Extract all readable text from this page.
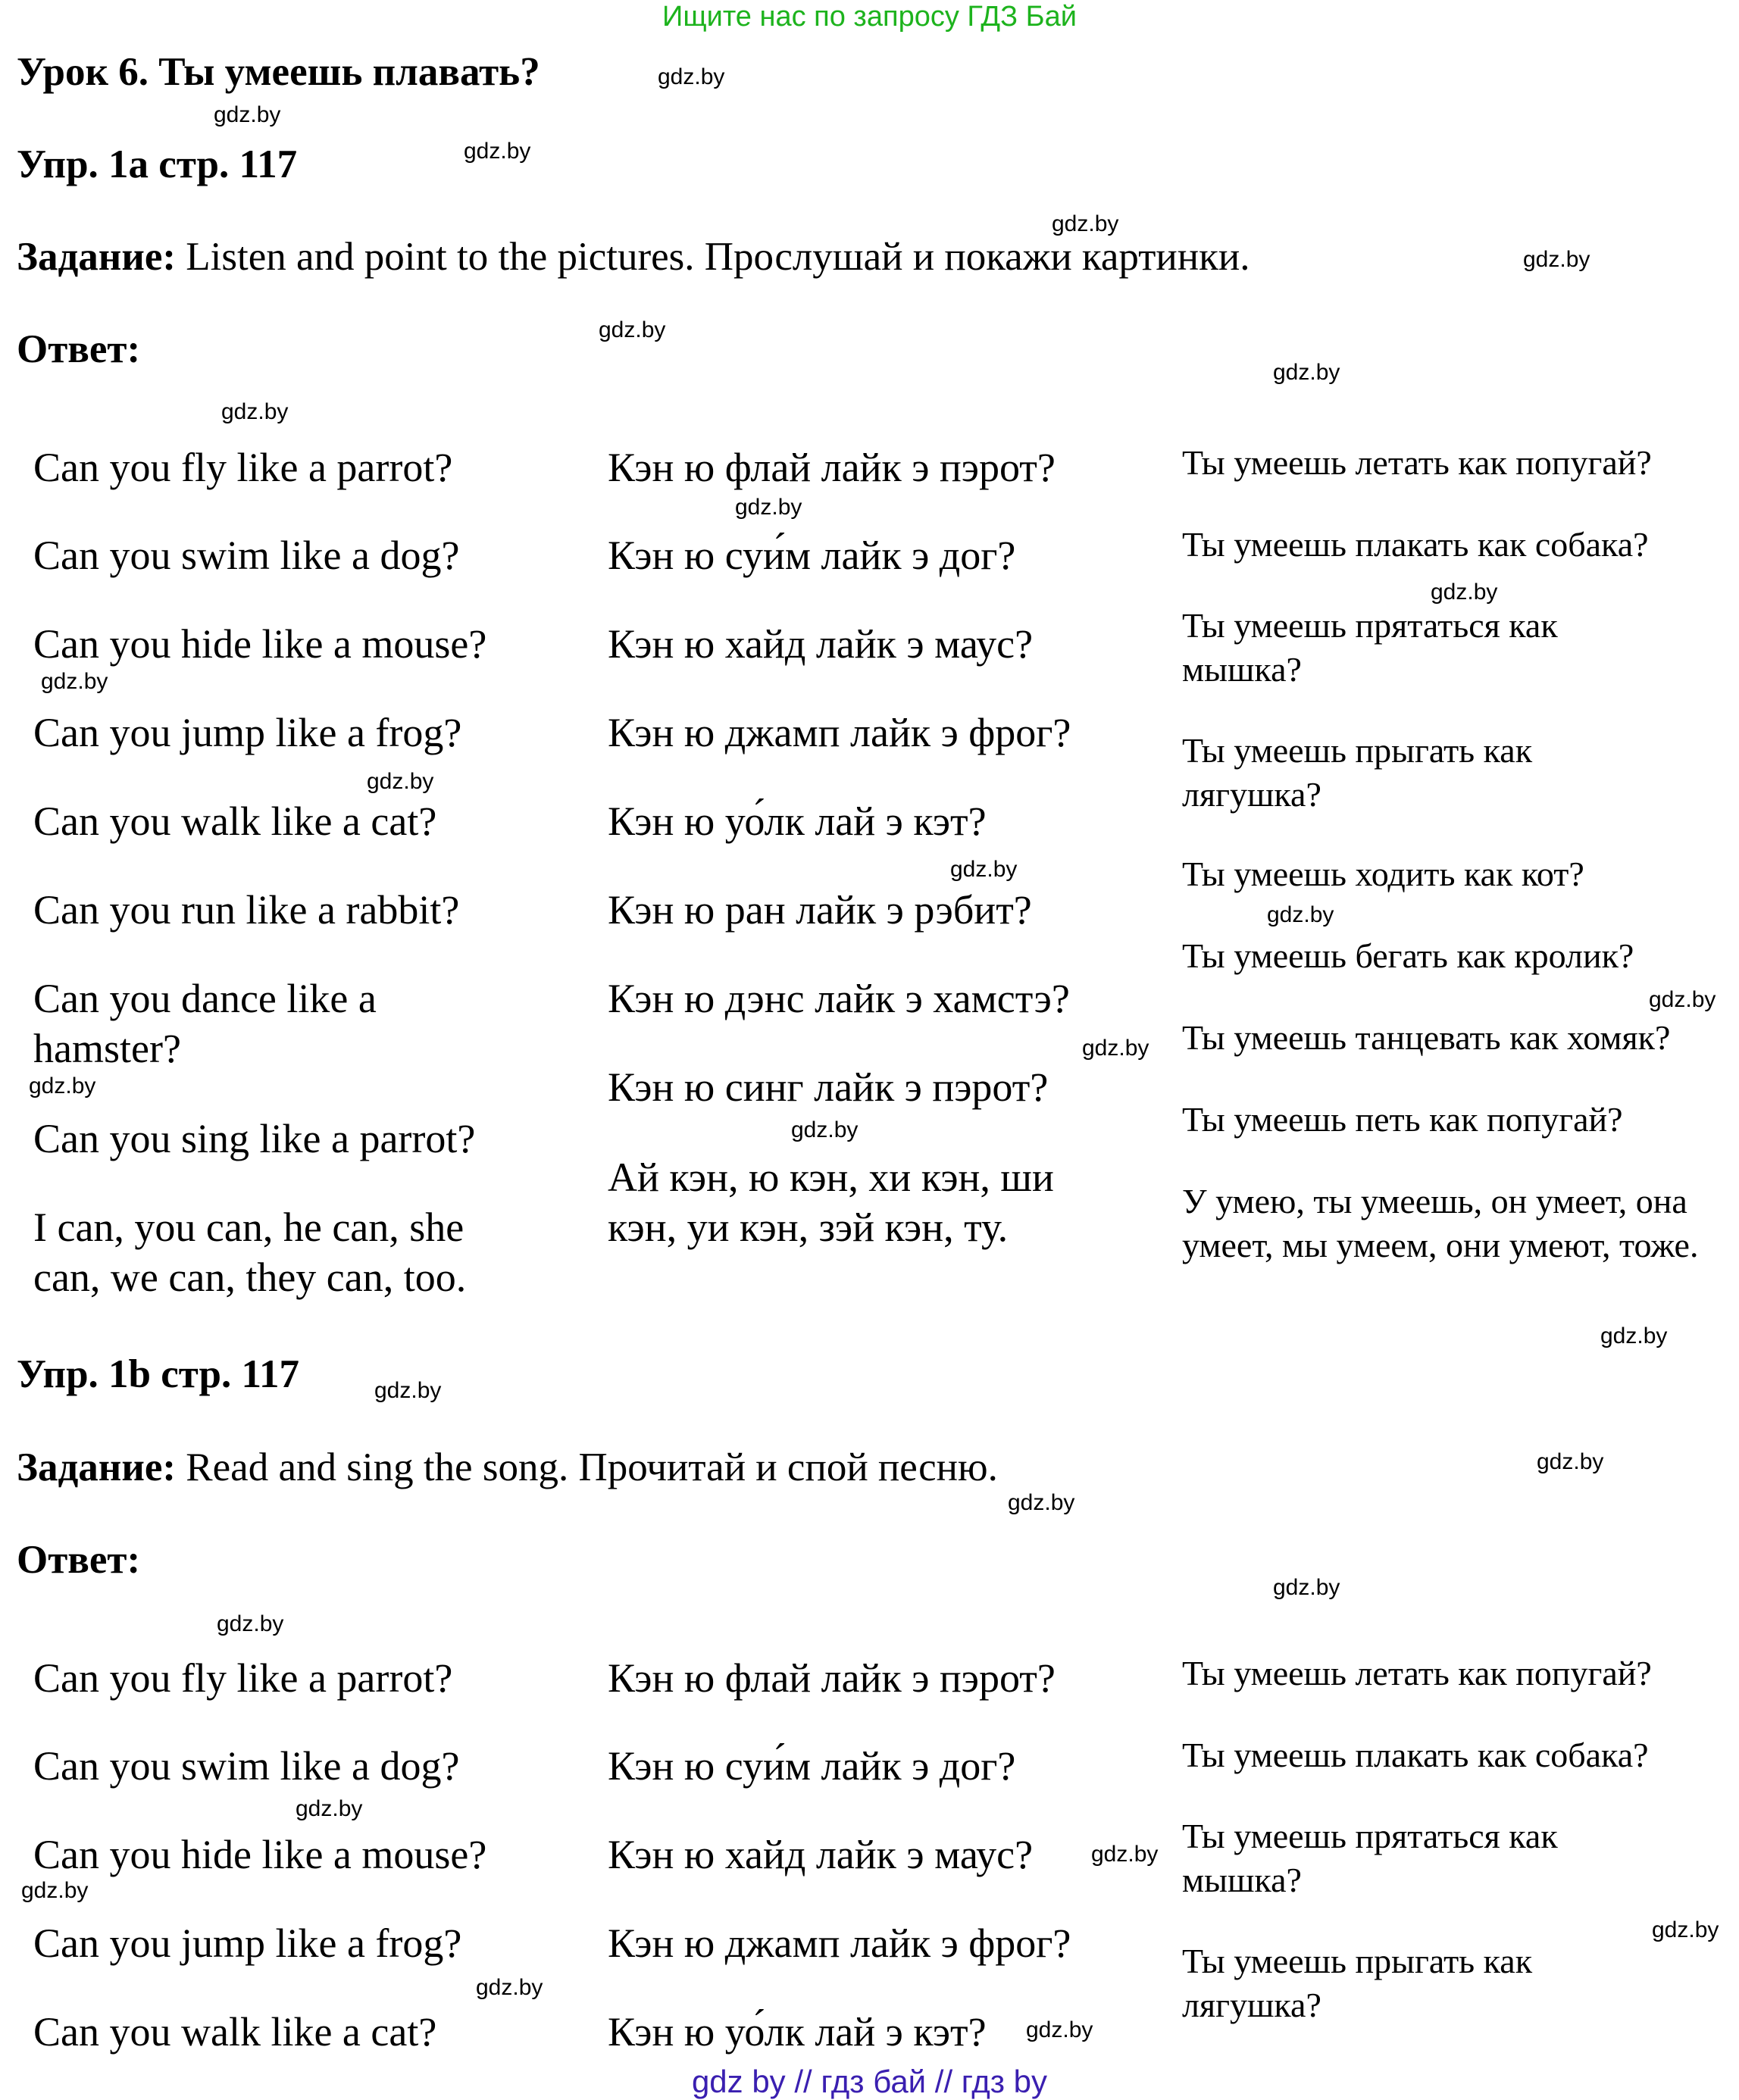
Ищите нас по запросу ГДЗ Бай
Урок 6. Ты умеешь плавать?
Упр. 1a стр. 117
Задание: Listen and point to the pictures. Прослушай и покажи картинки.
Ответ:
Can you fly like a parrot?
Can you swim like a dog?
Can you hide like a mouse?
Can you jump like a frog?
Can you walk like a cat?
Can you run like a rabbit?
Can you dance like a hamster?
Can you sing like a parrot?
I can, you can, he can, she can, we can, they can, too.
Кэн ю флай лайк э пэрот?
Кэн ю суи́м лайк э дог?
Кэн ю хайд лайк э маус?
Кэн ю джамп лайк э фрог?
Кэн ю уо́лк лай э кэт?
Кэн ю ран лайк э рэбит?
Кэн ю дэнс лайк э хамстэ?
Кэн ю синг лайк э пэрот?
Ай кэн, ю кэн, хи кэн, ши кэн, уи кэн, зэй кэн, ту.
Ты умеешь летать как попугай?
Ты умеешь плакать как собака?
Ты умеешь прятаться как мышка?
Ты умеешь прыгать как лягушка?
Ты умеешь ходить как кот?
Ты умеешь бегать как кролик?
Ты умеешь танцевать как хомяк?
Ты умеешь петь как попугай?
У умею, ты умеешь, он умеет, она умеет, мы умеем, они умеют, тоже.
Упр. 1b стр. 117
Задание: Read and sing the song. Прочитай и спой песню.
Ответ:
Can you fly like a parrot?
Can you swim like a dog?
Can you hide like a mouse?
Can you jump like a frog?
Can you walk like a cat?
Кэн ю флай лайк э пэрот?
Кэн ю суи́м лайк э дог?
Кэн ю хайд лайк э маус?
Кэн ю джамп лайк э фрог?
Кэн ю уо́лк лай э кэт?
Ты умеешь летать как попугай?
Ты умеешь плакать как собака?
Ты умеешь прятаться как мышка?
Ты умеешь прыгать как лягушка?
gdz.by
gdz.by
gdz.by
gdz.by
gdz.by
gdz.by
gdz.by
gdz.by
gdz.by
gdz.by
gdz.by
gdz.by
gdz.by
gdz.by
gdz.by
gdz.by
gdz.by
gdz.by
gdz.by
gdz.by
gdz.by
gdz.by
gdz.by
gdz.by
gdz.by
gdz.by
gdz.by
gdz.by
gdz.by
gdz.by
gdz by // гдз бай // гдз by
